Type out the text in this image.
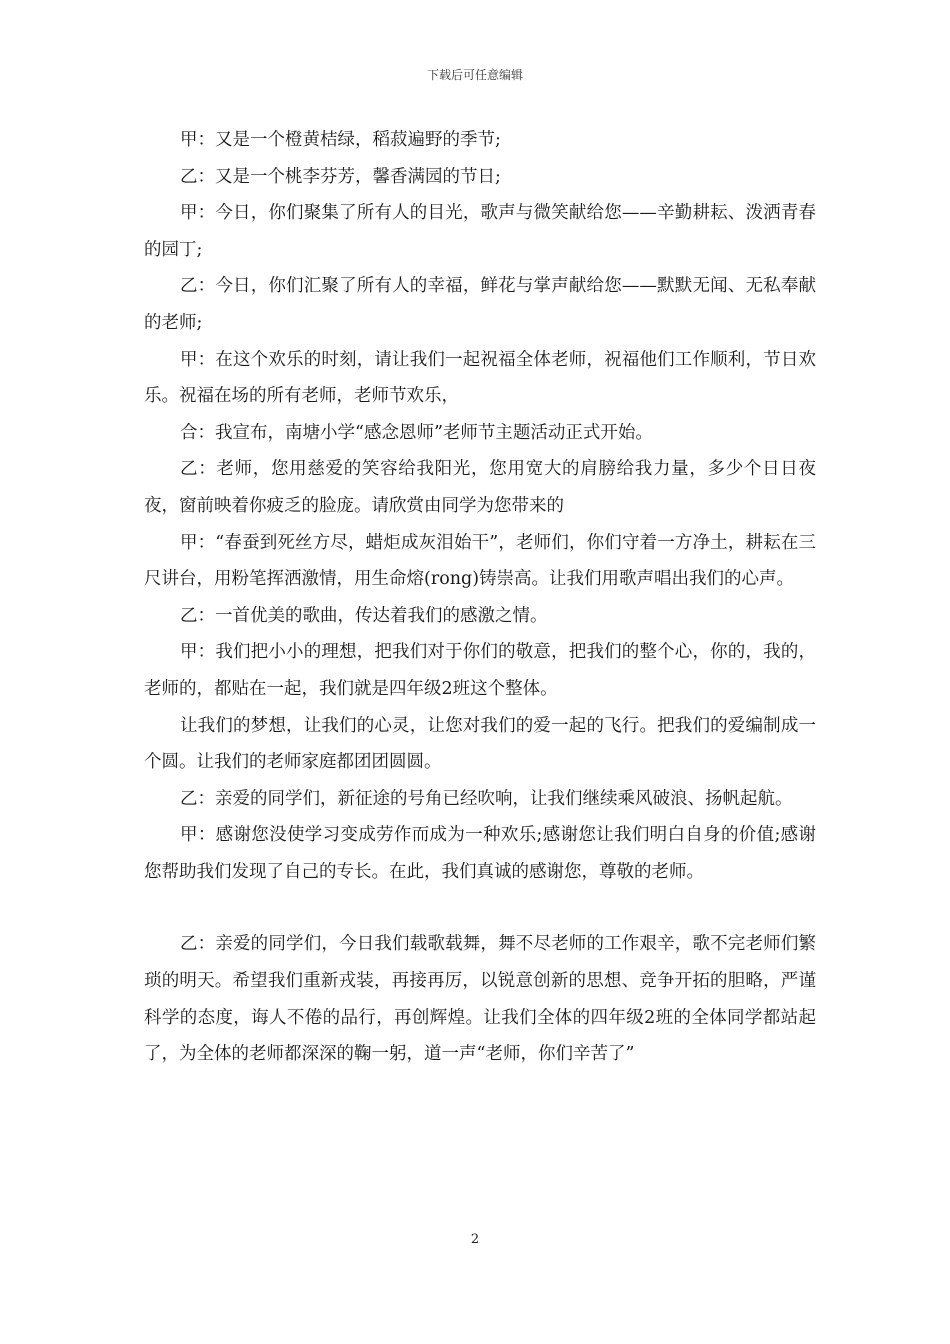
下载后可任意编辑

甲：又是一个橙黄桔绿，稻菽遍野的季节;

乙：又是一个桃李芬芳，馨香满园的节日;

甲：今日，你们聚集了所有人的目光，歌声与微笑献给您——辛勤耕耘、泼洒青春的园丁;

乙：今日，你们汇聚了所有人的幸福，鲜花与掌声献给您——默默无闻、无私奉献的老师;

甲：在这个欢乐的时刻，请让我们一起祝福全体老师，祝福他们工作顺利，节日欢乐。祝福在场的所有老师，老师节欢乐，

合：我宣布，南塘小学“感念恩师”老师节主题活动正式开始。

乙：老师，您用慈爱的笑容给我阳光，您用宽大的肩膀给我力量，多少个日日夜夜，窗前映着你疲乏的脸庞。请欣赏由同学为您带来的

甲：“春蚕到死丝方尽，蜡炬成灰泪始干”，老师们，你们守着一方净土，耕耘在三尺讲台，用粉笔挥洒激情，用生命熔(rong)铸崇高。让我们用歌声唱出我们的心声。

乙：一首优美的歌曲，传达着我们的感激之情。

甲：我们把小小的理想，把我们对于你们的敬意，把我们的整个心，你的，我的，老师的，都贴在一起，我们就是四年级2班这个整体。

让我们的梦想，让我们的心灵，让您对我们的爱一起的飞行。把我们的爱编制成一个圆。让我们的老师家庭都团团圆圆。

乙：亲爱的同学们，新征途的号角已经吹响，让我们继续乘风破浪、扬帆起航。

甲：感谢您没使学习变成劳作而成为一种欢乐;感谢您让我们明白自身的价值;感谢您帮助我们发现了自己的专长。在此，我们真诚的感谢您，尊敬的老师。

乙：亲爱的同学们，今日我们载歌载舞，舞不尽老师的工作艰辛，歌不完老师们繁琐的明天。希望我们重新戎装，再接再厉，以锐意创新的思想、竞争开拓的胆略，严谨科学的态度，诲人不倦的品行，再创辉煌。让我们全体的四年级2班的全体同学都站起了，为全体的老师都深深的鞠一躬，道一声“老师，你们辛苦了”

2
